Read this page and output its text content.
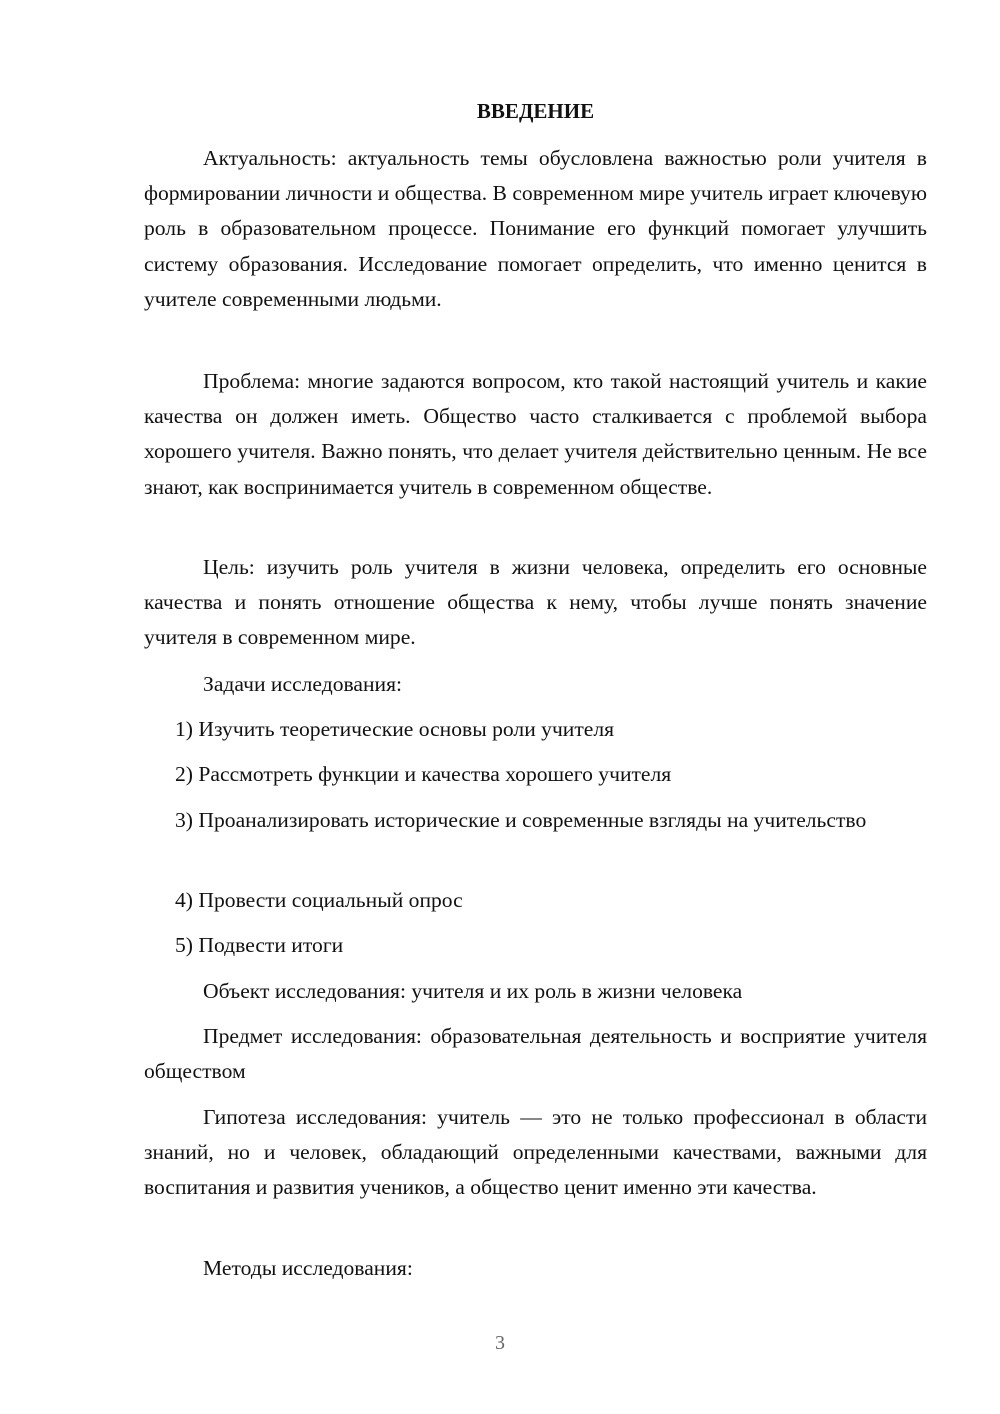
ВВЕДЕНИЕ

Актуальность: актуальность темы обусловлена важностью роли учителя в формировании личности и общества. В современном мире учитель играет ключевую роль в образовательном процессе. Понимание его функций помогает улучшить систему образования. Исследование помогает определить, что именно ценится в учителе современными людьми.

Проблема: многие задаются вопросом, кто такой настоящий учитель и какие качества он должен иметь. Общество часто сталкивается с проблемой выбора хорошего учителя. Важно понять, что делает учителя действительно ценным. Не все знают, как воспринимается учитель в современном обществе.

Цель: изучить роль учителя в жизни человека, определить его основные качества и понять отношение общества к нему, чтобы лучше понять значение учителя в современном мире.

Задачи исследования:

1) Изучить теоретические основы роли учителя

2) Рассмотреть функции и качества хорошего учителя

3) Проанализировать исторические и современные взгляды на учительство

4) Провести социальный опрос

5) Подвести итоги

Объект исследования: учителя и их роль в жизни человека

Предмет исследования: образовательная деятельность и восприятие учителя обществом

Гипотеза исследования: учитель — это не только профессионал в области знаний, но и человек, обладающий определенными качествами, важными для воспитания и развития учеников, а общество ценит именно эти качества.

Методы исследования:

3
